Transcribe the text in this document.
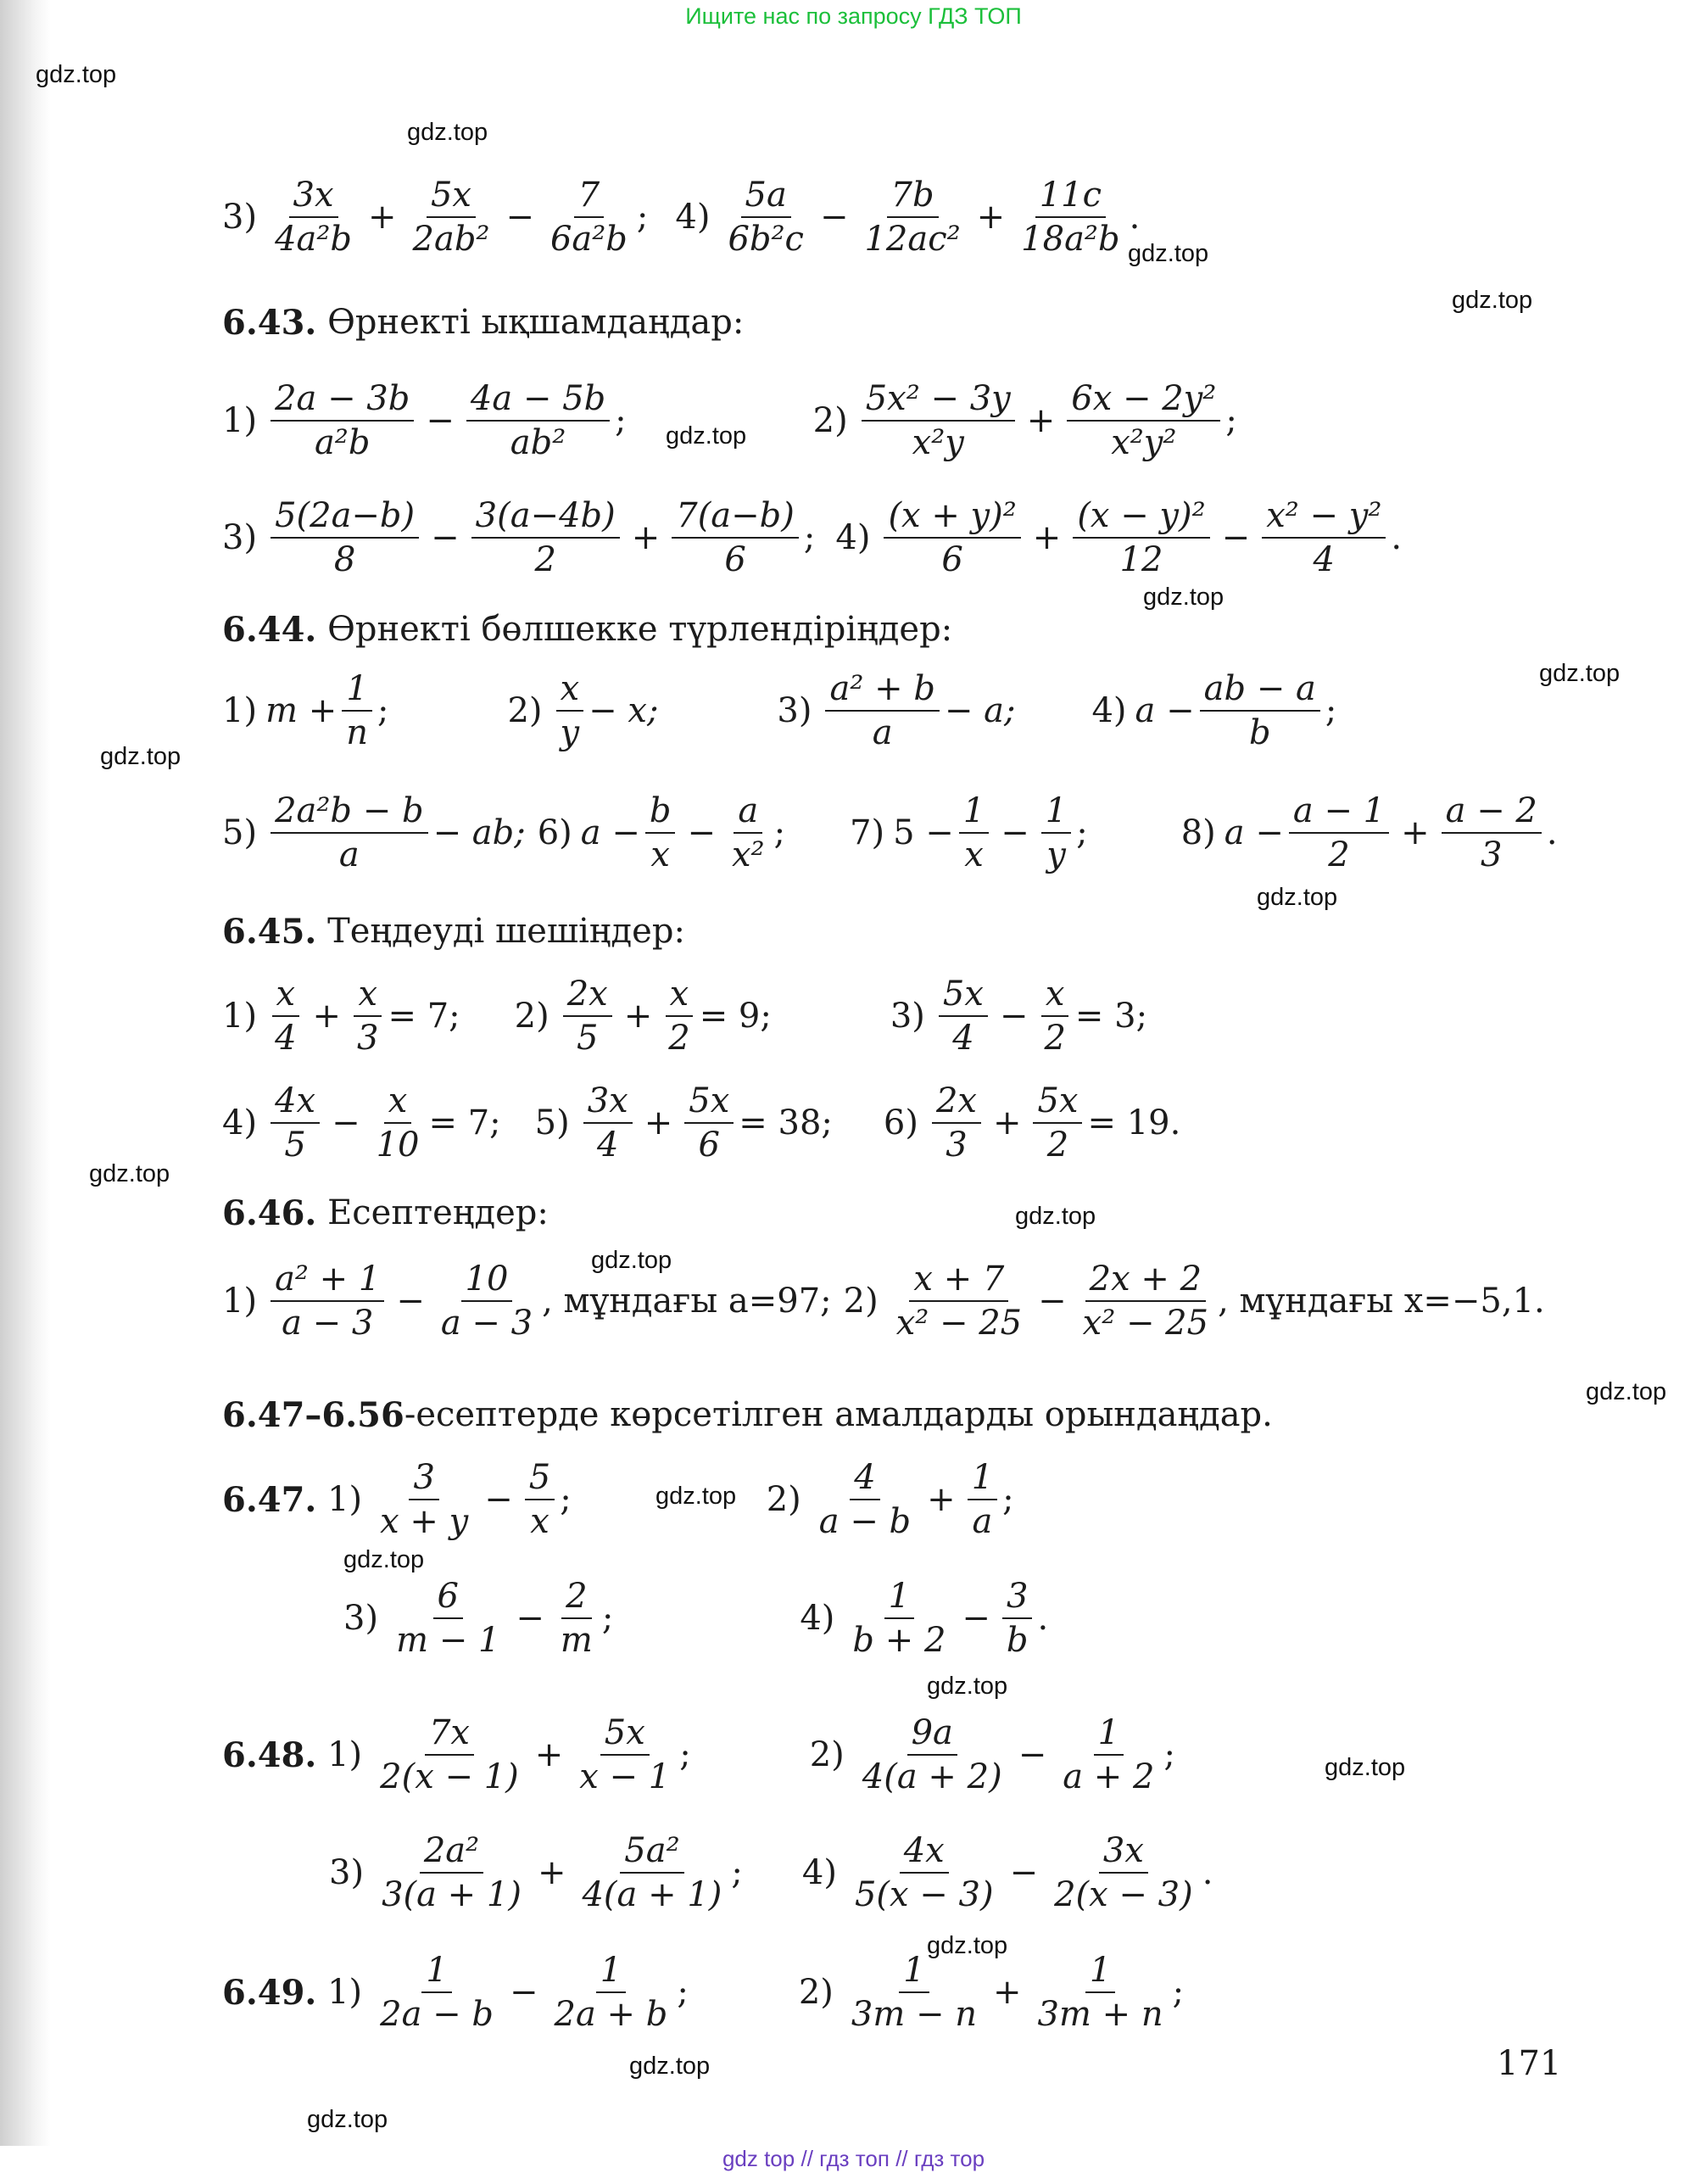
Ищите нас по запросу ГДЗ ТОП
gdz.top
gdz.top
gdz.top
gdz.top
gdz.top
gdz.top
gdz.top
gdz.top
gdz.top
gdz.top
gdz.top
gdz.top
gdz.top
gdz.top
gdz.top
gdz.top
gdz.top
gdz.top
gdz.top
gdz.top
3)
3x
4a²b
+ $\frac{5x}{\text{2ab²}} - \frac{7}{\text{6a²b}}$ ; 4)
5a
6b²c
− $\frac{7b}{\text{12ac²}} + \frac{11c}{\text{18a²b}}$ .
6.43.
Өрнекті ықшамдаңдар:
1)
2a − 3b
a²b
− $\frac{4a - 5b}{\text{ab²}}$ ;	2)
5x² − 3y
x²y
+ $\frac{\text{6x − 2y²}}{\text{x²y²}}$ ;
3)
5(2a−b)
8
− $\frac{3(a-4b)}{2} + \frac{7(a-b)}{6}$ ; 4)
(x + y)²
6
+ $\frac{\text{(x − y)²}}{12} - \frac{\text{x² − y²}}{4}$ .
6.44.
Өрнекті бөлшекке түрлендіріңдер:
1) $m + \frac{1}{n}$ ;	2)
x
y
− x;	3)
a² + b
a
− a; 4) $a - \frac{ab - a}{b}$ ;
5)
2a²b − b
a
− ab; 6) $a - \frac{b}{x} - \frac{a}{\text{x²}}$ ; 7) $5 - \frac{1}{x} - \frac{1}{y}$ ;	8) $a - \frac{a - 1}{2} + \frac{a - 2}{3}$ .
6.45.
Теңдеуді шешіңдер:
1)
x
4
+ $\frac{x}{3} = 7$; 2)
2x
5
+ $\frac{x}{2} = 9$;	3)
5x
4
− $\frac{x}{2} = 3$;
4)
4x
5
− $\frac{x}{10} = 7$; 5)
3x
4
+ $\frac{5x}{6} = 38$; 6)
2x
3
+ $\frac{5x}{2} = 19$.
6.46.
Есептеңдер:
1)
a² + 1
a − 3
− $\frac{10}{a - 3}$ , мұндағы a=97; 2)
x + 7
x² − 25
− $\frac{2x + 2}{\text{x² − 25}}$ , мұндағы x=−5,1.
6.47–6.56 -есептерде көрсетілген амалдарды орындаңдар.
6.47.
1)
3
x + y
− $\frac{5}{x}$ ;	2)
4
a − b
+ $\frac{1}{a}$ ;
3)
6
m − 1
− $\frac{2}{m}$ ;	4)
1
b + 2
− $\frac{3}{b}$ .
6.48.
1)
7x
2(x − 1)
+ $\frac{5x}{x - 1}$ ;	2)
9a
4(a + 2)
− $\frac{1}{a + 2}$ ;
3)
2a²
3(a + 1)
+ $\frac{\text{5a²}}{4(a + 1)}$ ; 4)
4x
5(x − 3)
− $\frac{3x}{2(x - 3)}$ .
6.49.
1)
1
2a − b
− $\frac{1}{2a + b}$ ;	2)
1
3m − n
+ $\frac{1}{3m + n}$ ;
171
gdz top // гдз топ // гдз тор
